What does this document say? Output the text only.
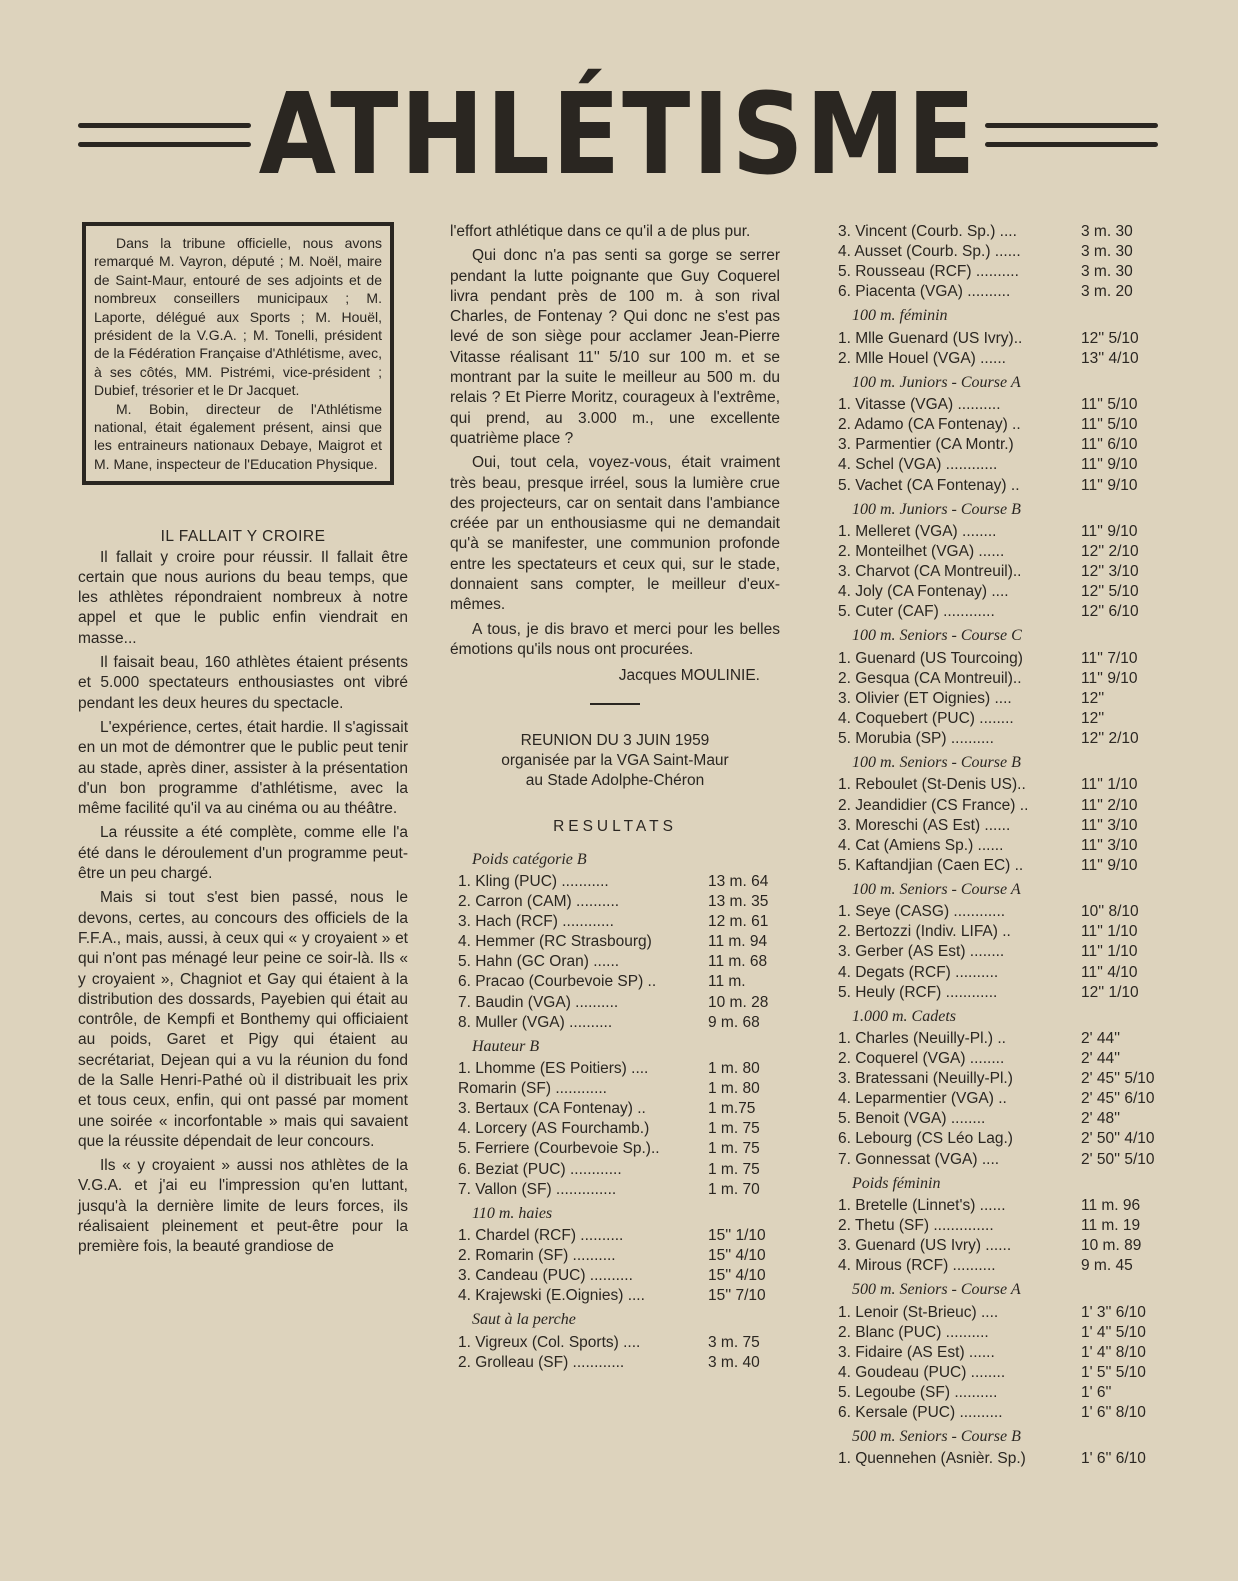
ATHLÉTISME

Dans la tribune officielle, nous avons remarqué M. Vayron, député ; M. Noël, maire de Saint-Maur, entouré de ses adjoints et de nombreux conseillers municipaux ; M. Laporte, délégué aux Sports ; M. Houël, président de la V.G.A. ; M. Tonelli, président de la Fédération Française d'Athlétisme, avec, à ses côtés, MM. Pistrémi, vice-président ; Dubief, trésorier et le Dr Jacquet.

M. Bobin, directeur de l'Athlétisme national, était également présent, ainsi que les entraineurs nationaux Debaye, Maigrot et M. Mane, inspecteur de l'Education Physique.

IL FALLAIT Y CROIRE

Il fallait y croire pour réussir. Il fallait être certain que nous aurions du beau temps, que les athlètes répondraient nombreux à notre appel et que le public enfin viendrait en masse...

Il faisait beau, 160 athlètes étaient présents et 5.000 spectateurs enthousiastes ont vibré pendant les deux heures du spectacle.

L'expérience, certes, était hardie. Il s'agissait en un mot de démontrer que le public peut tenir au stade, après diner, assister à la présentation d'un bon programme d'athlétisme, avec la même facilité qu'il va au cinéma ou au théâtre.

La réussite a été complète, comme elle l'a été dans le déroulement d'un programme peut-être un peu chargé.

Mais si tout s'est bien passé, nous le devons, certes, au concours des officiels de la F.F.A., mais, aussi, à ceux qui « y croyaient » et qui n'ont pas ménagé leur peine ce soir-là. Ils « y croyaient », Chagniot et Gay qui étaient à la distribution des dossards, Payebien qui était au contrôle, de Kempfi et Bonthemy qui officiaient au poids, Garet et Pigy qui étaient au secrétariat, Dejean qui a vu la réunion du fond de la Salle Henri-Pathé où il distribuait les prix et tous ceux, enfin, qui ont passé par moment une soirée « incorfontable » mais qui savaient que la réussite dépendait de leur concours.

Ils « y croyaient » aussi nos athlètes de la V.G.A. et j'ai eu l'impression qu'en luttant, jusqu'à la dernière limite de leurs forces, ils réalisaient pleinement et peut-être pour la première fois, la beauté grandiose de

l'effort athlétique dans ce qu'il a de plus pur.

Qui donc n'a pas senti sa gorge se serrer pendant la lutte poignante que Guy Coquerel livra pendant près de 100 m. à son rival Charles, de Fontenay ? Qui donc ne s'est pas levé de son siège pour acclamer Jean-Pierre Vitasse réalisant 11'' 5/10 sur 100 m. et se montrant par la suite le meilleur au 500 m. du relais ? Et Pierre Moritz, courageux à l'extrême, qui prend, au 3.000 m., une excellente quatrième place ?

Oui, tout cela, voyez-vous, était vraiment très beau, presque irréel, sous la lumière crue des projecteurs, car on sentait dans l'ambiance créée par un enthousiasme qui ne demandait qu'à se manifester, une communion profonde entre les spectateurs et ceux qui, sur le stade, donnaient sans compter, le meilleur d'eux-mêmes.

A tous, je dis bravo et merci pour les belles émotions qu'ils nous ont procurées.

Jacques MOULINIE.

REUNION DU 3 JUIN 1959

organisée par la VGA Saint-Maur

au Stade Adolphe-Chéron

RESULTATS
Poids catégorie B
1. Kling (PUC) ...........	13 m. 64
2. Carron (CAM) ..........	13 m. 35
3. Hach (RCF) ............	12 m. 61
4. Hemmer (RC Strasbourg)	11 m. 94
5. Hahn (GC Oran) ......	11 m. 68
6. Pracao (Courbevoie SP) ..	11 m.
7. Baudin (VGA) ..........	10 m. 28
8. Muller (VGA) ..........	9 m. 68
Hauteur B
1. Lhomme (ES Poitiers) ....	1 m. 80
Romarin (SF) ............	1 m. 80
3. Bertaux (CA Fontenay) ..	1 m.75
4. Lorcery (AS Fourchamb.)	1 m. 75
5. Ferriere (Courbevoie Sp.)..	1 m. 75
6. Beziat (PUC) ............	1 m. 75
7. Vallon (SF) ..............	1 m. 70
110 m. haies
1. Chardel (RCF) ..........	15'' 1/10
2. Romarin (SF) ..........	15'' 4/10
3. Candeau (PUC) ..........	15'' 4/10
4. Krajewski (E.Oignies) ....	15'' 7/10
Saut à la perche
1. Vigreux (Col. Sports) ....	3 m. 75
2. Grolleau (SF) ............	3 m. 40
3. Vincent (Courb. Sp.) ....	3 m. 30
4. Ausset (Courb. Sp.) ......	3 m. 30
5. Rousseau (RCF) ..........	3 m. 30
6. Piacenta (VGA) ..........	3 m. 20
100 m. féminin
1. Mlle Guenard (US Ivry)..	12'' 5/10
2. Mlle Houel (VGA) ......	13'' 4/10
100 m. Juniors - Course A
1. Vitasse (VGA) ..........	11'' 5/10
2. Adamo (CA Fontenay) ..	11'' 5/10
3. Parmentier (CA Montr.)	11'' 6/10
4. Schel (VGA) ............	11'' 9/10
5. Vachet (CA Fontenay) ..	11'' 9/10
100 m. Juniors - Course B
1. Melleret (VGA) ........	11'' 9/10
2. Monteilhet (VGA) ......	12'' 2/10
3. Charvot (CA Montreuil)..	12'' 3/10
4. Joly (CA Fontenay) ....	12'' 5/10
5. Cuter (CAF) ............	12'' 6/10
100 m. Seniors - Course C
1. Guenard (US Tourcoing)	11'' 7/10
2. Gesqua (CA Montreuil)..	11'' 9/10
3. Olivier (ET Oignies) ....	12''
4. Coquebert (PUC) ........	12''
5. Morubia (SP) ..........	12'' 2/10
100 m. Seniors - Course B
1. Reboulet (St-Denis US)..	11'' 1/10
2. Jeandidier (CS France) ..	11'' 2/10
3. Moreschi (AS Est) ......	11'' 3/10
4. Cat (Amiens Sp.) ......	11'' 3/10
5. Kaftandjian (Caen EC) ..	11'' 9/10
100 m. Seniors - Course A
1. Seye (CASG) ............	10'' 8/10
2. Bertozzi (Indiv. LIFA) ..	11'' 1/10
3. Gerber (AS Est) ........	11'' 1/10
4. Degats (RCF) ..........	11'' 4/10
5. Heuly (RCF) ............	12'' 1/10
1.000 m. Cadets
1. Charles (Neuilly-Pl.) ..	2' 44''
2. Coquerel (VGA) ........	2' 44''
3. Bratessani (Neuilly-Pl.)	2' 45'' 5/10
4. Leparmentier (VGA) ..	2' 45'' 6/10
5. Benoit (VGA) ........	2' 48''
6. Lebourg (CS Léo Lag.)	2' 50'' 4/10
7. Gonnessat (VGA) ....	2' 50'' 5/10
Poids féminin
1. Bretelle (Linnet's) ......	11 m. 96
2. Thetu (SF) ..............	11 m. 19
3. Guenard (US Ivry) ......	10 m. 89
4. Mirous (RCF) ..........	9 m. 45
500 m. Seniors - Course A
1. Lenoir (St-Brieuc) ....	1' 3'' 6/10
2. Blanc (PUC) ..........	1' 4'' 5/10
3. Fidaire (AS Est) ......	1' 4'' 8/10
4. Goudeau (PUC) ........	1' 5'' 5/10
5. Legoube (SF) ..........	1' 6''
6. Kersale (PUC) ..........	1' 6'' 8/10
500 m. Seniors - Course B
1. Quennehen (Asnièr. Sp.)	1' 6'' 6/10
